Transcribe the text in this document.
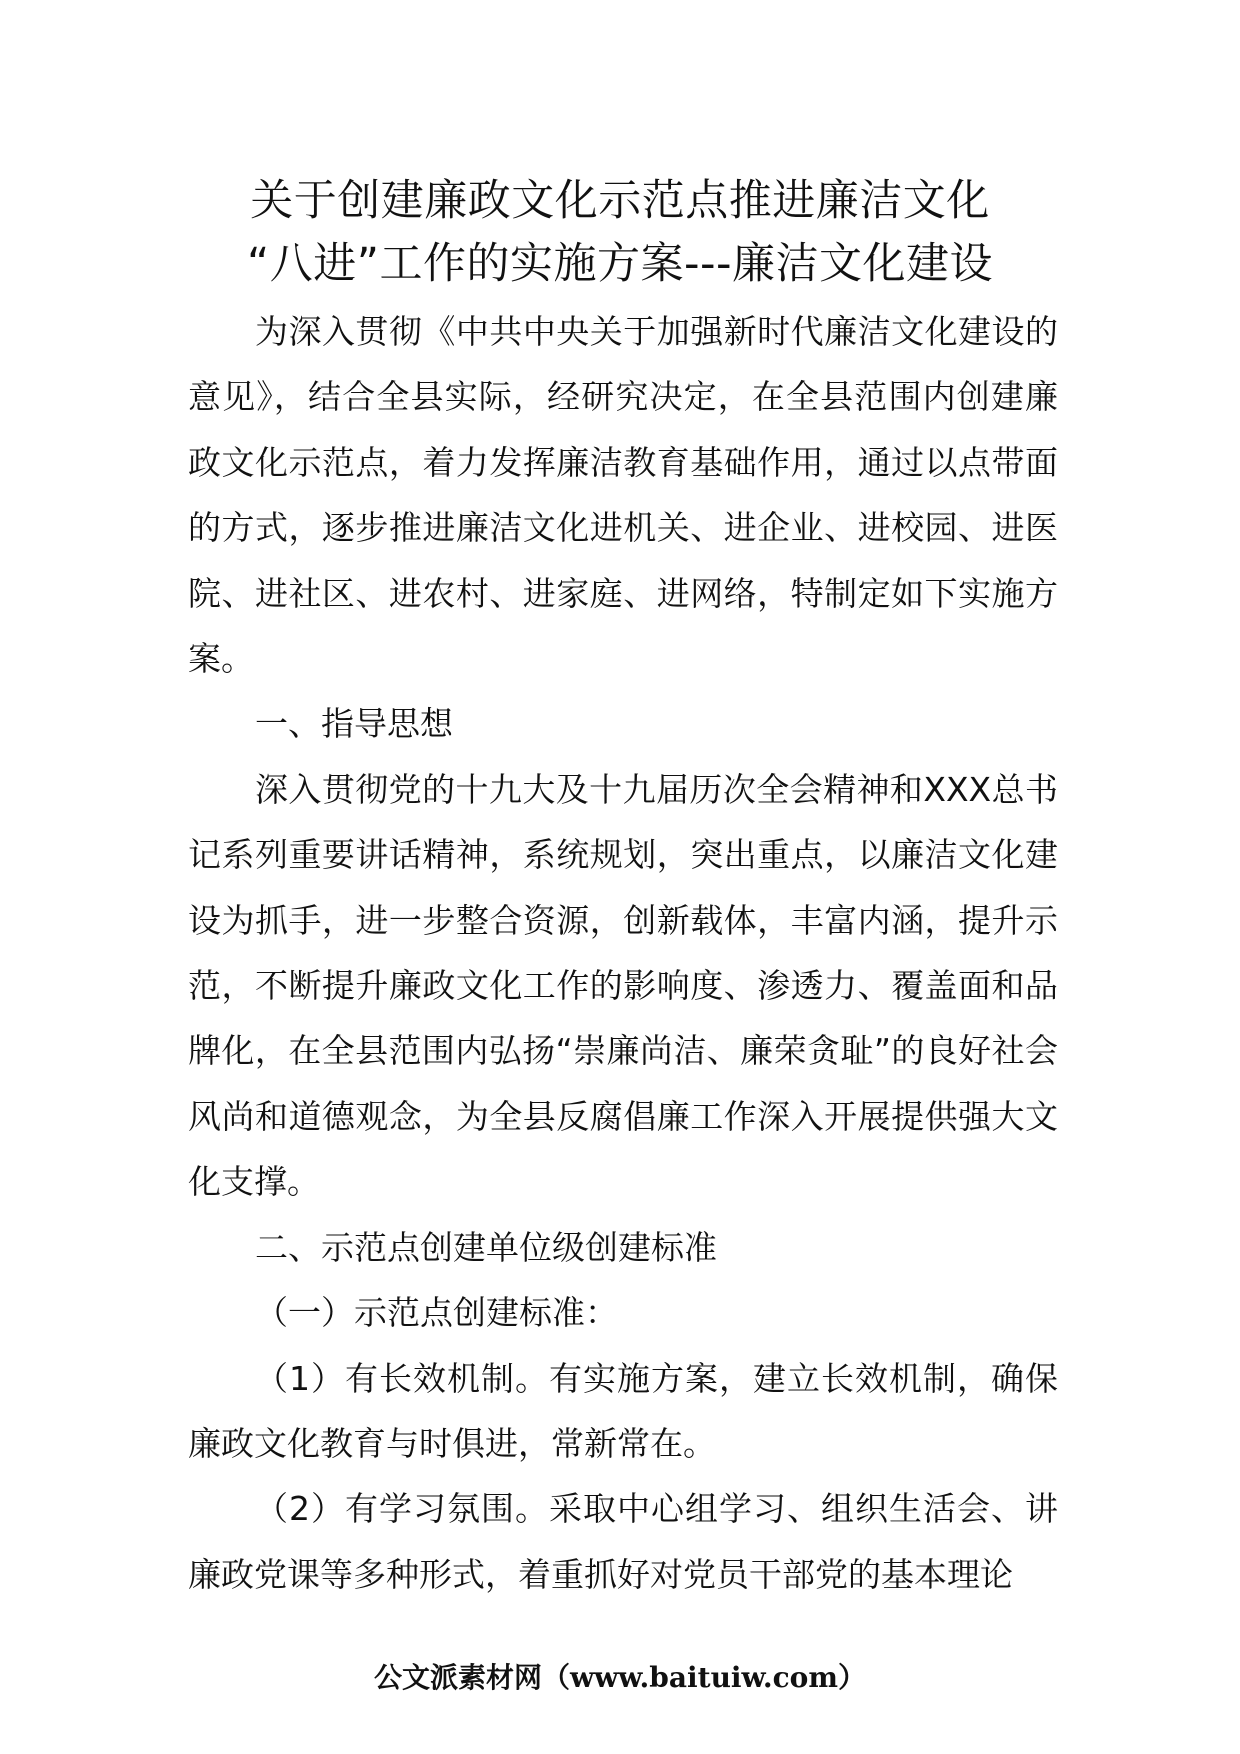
关于创建廉政文化示范点推进廉洁文化
“八进”工作的实施方案---廉洁文化建设

为深入贯彻《中共中央关于加强新时代廉洁文化建设的意见》，结合全县实际，经研究决定，在全县范围内创建廉政文化示范点，着力发挥廉洁教育基础作用，通过以点带面的方式，逐步推进廉洁文化进机关、进企业、进校园、进医院、进社区、进农村、进家庭、进网络，特制定如下实施方案。

一、指导思想

深入贯彻党的十九大及十九届历次全会精神和XXX总书记系列重要讲话精神，系统规划，突出重点，以廉洁文化建设为抓手，进一步整合资源，创新载体，丰富内涵，提升示范，不断提升廉政文化工作的影响度、渗透力、覆盖面和品牌化，在全县范围内弘扬“崇廉尚洁、廉荣贪耻”的良好社会风尚和道德观念，为全县反腐倡廉工作深入开展提供强大文化支撑。

二、示范点创建单位级创建标准

（一）示范点创建标准：

（1）有长效机制。有实施方案，建立长效机制，确保廉政文化教育与时俱进，常新常在。

（2）有学习氛围。采取中心组学习、组织生活会、讲廉政党课等多种形式，着重抓好对党员干部党的基本理论

公文派素材网（www.baituiw.com）
